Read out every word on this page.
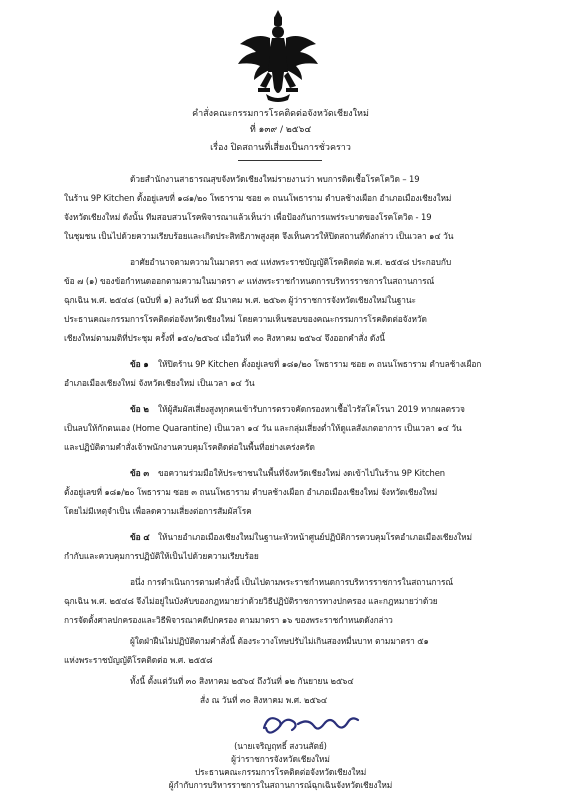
คำสั่งคณะกรรมการโรคติดต่อจังหวัดเชียงใหม่
ที่ ๑๓๙ / ๒๕๖๔
เรื่อง ปิดสถานที่เสี่ยงเป็นการชั่วคราว
ด้วยสำนักงานสาธารณสุขจังหวัดเชียงใหม่รายงานว่า พบการติดเชื้อโรคโควิด – 19
ในร้าน 9P Kitchen ตั้งอยู่เลขที่ ๑๘๑/๒๐ โพธาราม ซอย ๓ ถนนโพธาราม ตำบลช้างเผือก อำเภอเมืองเชียงใหม่
จังหวัดเชียงใหม่ ดังนั้น ทีมสอบสวนโรคพิจารณาแล้วเห็นว่า เพื่อป้องกันการแพร่ระบาดของโรคโควิด - 19
ในชุมชน เป็นไปด้วยความเรียบร้อยและเกิดประสิทธิภาพสูงสุด จึงเห็นควรให้ปิดสถานที่ดังกล่าว เป็นเวลา ๑๔ วัน
อาศัยอำนาจตามความในมาตรา ๓๕ แห่งพระราชบัญญัติโรคติดต่อ พ.ศ. ๒๕๕๘ ประกอบกับ
ข้อ ๗ (๑) ของข้อกำหนดออกตามความในมาตรา ๙ แห่งพระราชกำหนดการบริหารราชการในสถานการณ์
ฉุกเฉิน พ.ศ. ๒๕๔๘ (ฉบับที่ ๑) ลงวันที่ ๒๕ มีนาคม พ.ศ. ๒๕๖๓ ผู้ว่าราชการจังหวัดเชียงใหม่ในฐานะ
ประธานคณะกรรมการโรคติดต่อจังหวัดเชียงใหม่ โดยความเห็นชอบของคณะกรรมการโรคติดต่อจังหวัด
เชียงใหม่ตามมติที่ประชุม ครั้งที่ ๑๕๐/๒๕๖๔ เมื่อวันที่ ๓๐ สิงหาคม ๒๕๖๔ จึงออกคำสั่ง ดังนี้
ข้อ ๑ ให้ปิดร้าน 9P Kitchen ตั้งอยู่เลขที่ ๑๘๑/๒๐ โพธาราม ซอย ๓ ถนนโพธาราม ตำบลช้างเผือก
อำเภอเมืองเชียงใหม่ จังหวัดเชียงใหม่ เป็นเวลา ๑๔ วัน
ข้อ ๒ ให้ผู้สัมผัสเสี่ยงสูงทุกคนเข้ารับการตรวจคัดกรองหาเชื้อไวรัสโคโรนา 2019 หากผลตรวจ
เป็นลบให้กักตนเอง (Home Quarantine) เป็นเวลา ๑๔ วัน และกลุ่มเสี่ยงต่ำให้ดูแลสังเกตอาการ เป็นเวลา ๑๔ วัน
และปฏิบัติตามคำสั่งเจ้าพนักงานควบคุมโรคติดต่อในพื้นที่อย่างเคร่งครัด
ข้อ ๓ ขอความร่วมมือให้ประชาชนในพื้นที่จังหวัดเชียงใหม่ งดเข้าไปในร้าน 9P Kitchen
ตั้งอยู่เลขที่ ๑๘๑/๒๐ โพธาราม ซอย ๓ ถนนโพธาราม ตำบลช้างเผือก อำเภอเมืองเชียงใหม่ จังหวัดเชียงใหม่
โดยไม่มีเหตุจำเป็น เพื่อลดความเสี่ยงต่อการสัมผัสโรค
ข้อ ๔ ให้นายอำเภอเมืองเชียงใหม่ในฐานะหัวหน้าศูนย์ปฏิบัติการควบคุมโรคอำเภอเมืองเชียงใหม่
กำกับและควบคุมการปฏิบัติให้เป็นไปด้วยความเรียบร้อย
อนึ่ง การดำเนินการตามคำสั่งนี้ เป็นไปตามพระราชกำหนดการบริหารราชการในสถานการณ์
ฉุกเฉิน พ.ศ. ๒๕๔๘ จึงไม่อยู่ในบังคับของกฎหมายว่าด้วยวิธีปฏิบัติราชการทางปกครอง และกฎหมายว่าด้วย
การจัดตั้งศาลปกครองและวิธีพิจารณาคดีปกครอง ตามมาตรา ๑๖ ของพระราชกำหนดดังกล่าว
ผู้ใดฝ่าฝืนไม่ปฏิบัติตามคำสั่งนี้ ต้องระวางโทษปรับไม่เกินสองหมื่นบาท ตามมาตรา ๕๑
แห่งพระราชบัญญัติโรคติดต่อ พ.ศ. ๒๕๕๘
ทั้งนี้ ตั้งแต่วันที่ ๓๐ สิงหาคม ๒๕๖๔ ถึงวันที่ ๑๒ กันยายน ๒๕๖๔
สั่ง ณ วันที่ ๓๐ สิงหาคม พ.ศ. ๒๕๖๔
(นายเจริญฤทธิ์ สงวนสัตย์)
ผู้ว่าราชการจังหวัดเชียงใหม่
ประธานคณะกรรมการโรคติดต่อจังหวัดเชียงใหม่
ผู้กำกับการบริหารราชการในสถานการณ์ฉุกเฉินจังหวัดเชียงใหม่
